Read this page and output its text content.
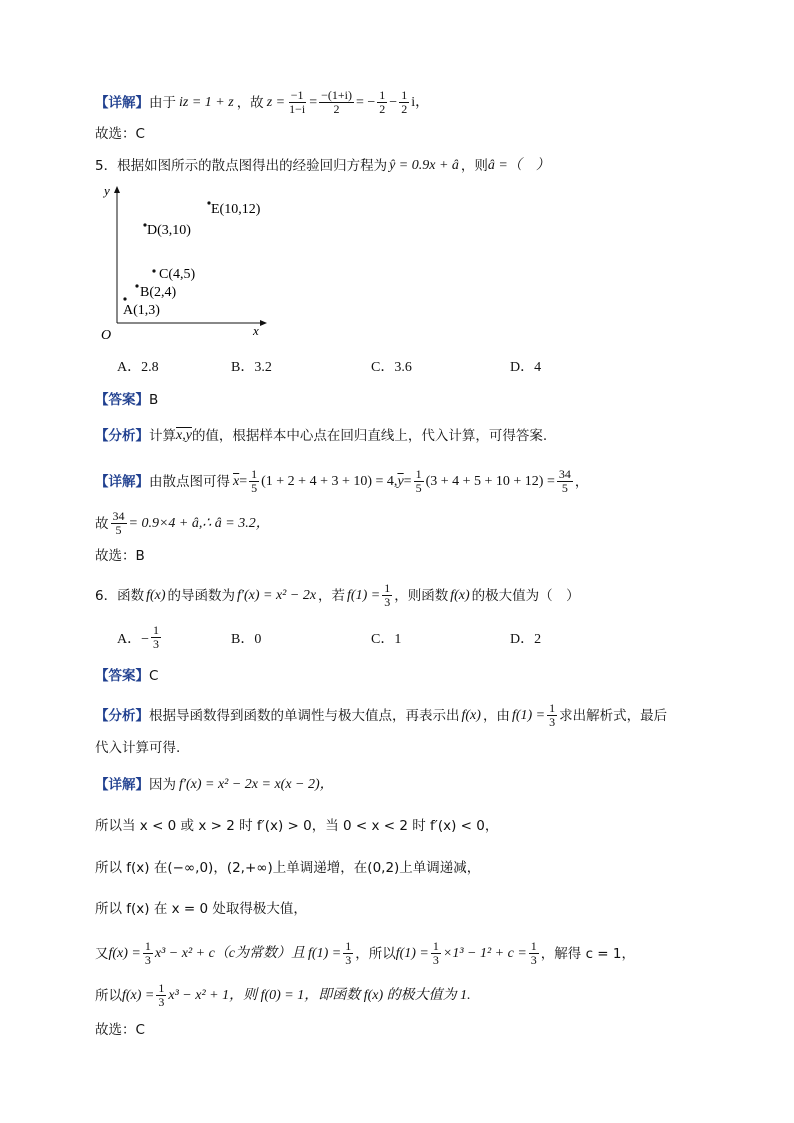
【详解】 由于 iz = 1 + z ，故 $z = \frac{-1}{1-i} = \frac{-(1+i)}{2}$ = − $\frac{1}{2} - \frac{1}{2}$ i，
故选：C
5．根据如图所示的散点图得出的经验回归方程为 ŷ = 0.9x + â ，则 â =（　）
y
x
O
A(1,3)
B(2,4)
C(4,5)
D(3,10)
E(10,12)
A．2.8	B．3.2	C．3.6	D．4
【答案】 B
【分析】 计算 x,y 的值，根据样本中心点在回归直线上，代入计算，可得答案.
【详解】 由散点图可得 $\overline{x} = \frac{1}{5} (1 + 2 + 4 + 3 + 10) = 4$, $\overline{y} = \frac{1}{5} (3 + 4 + 5 + 10 + 12) = \frac{34}{5}$ ，
故 $\frac{34}{5} = 0.9\times 4$ + â,∴ â = 3.2，
故选：B
6．函数 f(x) 的导函数为 f′(x) = x² − 2x ，若 $f(1) = \frac{1}{3}$ ，则函数 f(x) 的极大值为（　）
A．− $\frac{1}{3}$	B．0	C．1	D．2
【答案】 C
【分析】 根据导函数得到函数的单调性与极大值点，再表示出 f(x) ，由 $f(1) = \frac{1}{3}$ 求出解析式，最后
代入计算可得.
【详解】 因为 f′(x) = x² − 2x = x(x − 2)，
所以当 x < 0 或 x > 2 时 f′(x) > 0，当 0 < x < 2 时 f′(x) < 0，
所以 f(x) 在(−∞,0)，(2,+∞)上单调递增，在(0,2)上单调递减，
所以 f(x) 在 x = 0 处取得极大值，
又 $f(x) = \frac{1}{3} x^3 - x^2 + c(c$为常数）且 $f(1) = \frac{1}{3}$ ，所以 $f(1) = \frac{1}{3} \times 1^3 - 1^2 + c = \frac{1}{3}$ ，解得 c = 1，
所以 $f(x) = \frac{1}{3} x^3 - x^2 + 1$，则 f(0) = 1，即函数 f(x) 的极大值为 1.
故选：C
